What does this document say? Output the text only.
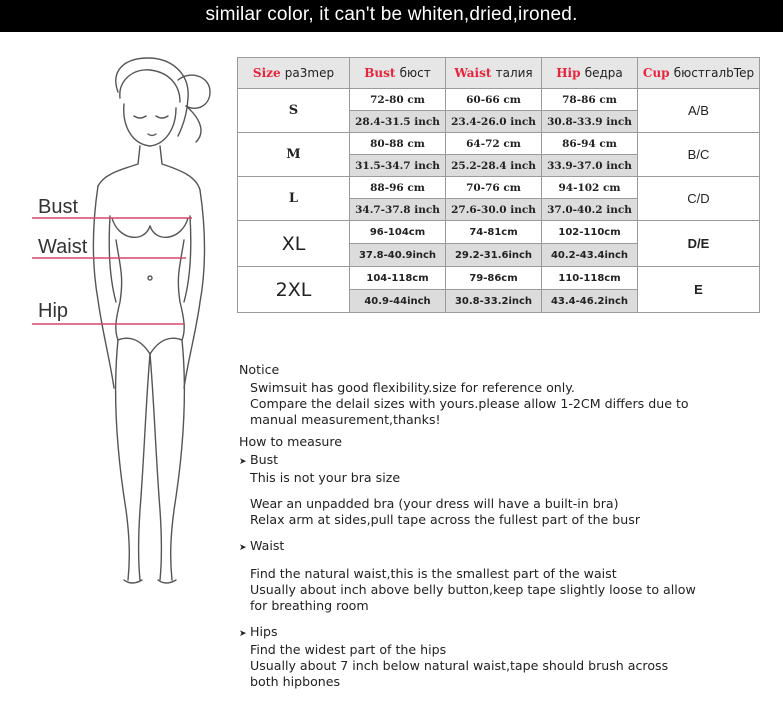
similar color, it can't be whiten,dried,ironed.
Bust
Waist
Hip
Size pa3mep	Bust бюст	Waist талия	Hip бедра	Cup бюстгалbTep
S	72-80 cm	60-66 cm	78-86 cm	A/B
	28.4-31.5 inch	23.4-26.0 inch	30.8-33.9 inch	
M	80-88 cm	64-72 cm	86-94 cm	B/C
	31.5-34.7 inch	25.2-28.4 inch	33.9-37.0 inch	
L	88-96 cm	70-76 cm	94-102 cm	C/D
	34.7-37.8 inch	27.6-30.0 inch	37.0-40.2 inch	
XL	96-104cm	74-81cm	102-110cm	D/E
	37.8-40.9inch	29.2-31.6inch	40.2-43.4inch	
2XL	104-118cm	79-86cm	110-118cm	E
	40.9-44inch	30.8-33.2inch	43.4-46.2inch	
Notice
Swimsuit has good flexibility.size for reference only.
Compare the delail sizes with yours.please allow 1-2CM differs due to
manual measurement,thanks!
How to measure
➤ Bust
This is not your bra size
Wear an unpadded bra (your dress will have a built-in bra)
Relax arm at sides,pull tape across the fullest part of the busr
➤ Waist
Find the natural waist,this is the smallest part of the waist
Usually about inch above belly button,keep tape slightly loose to allow
for breathing room
➤ Hips
Find the widest part of the hips
Usually about 7 inch below natural waist,tape should brush across
both hipbones
